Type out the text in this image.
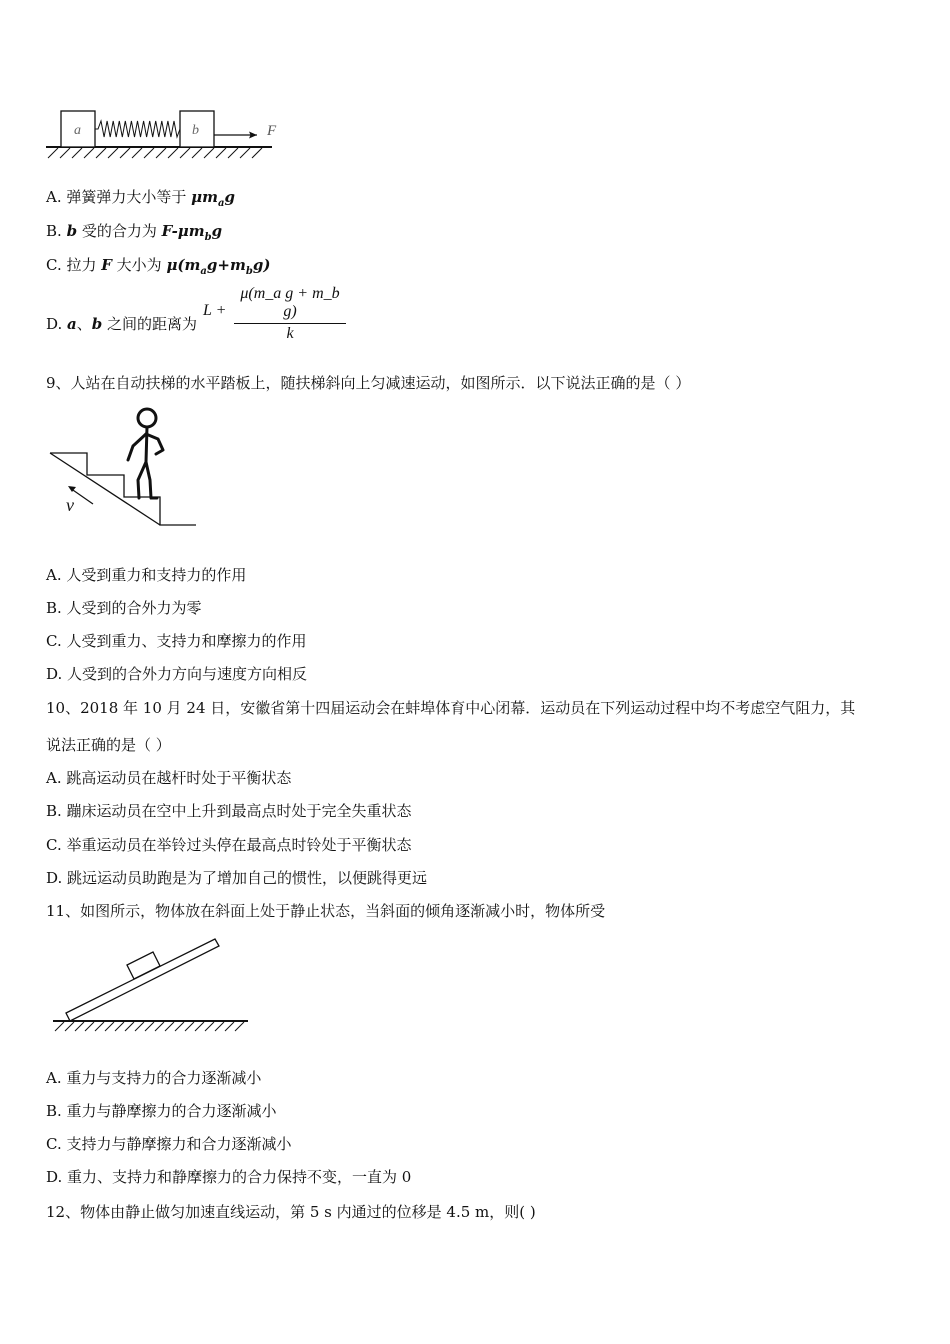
a	b	F
A. 弹簧弹力大小等于 $\mu m_ag$
B. b 受的合力为 $F-\mu m_bg$
C. 拉力 F 大小为 $\mu(m_ag+m_bg)$
D. a、b 之间的距离为
L +
μ(m_a g + m_b g)
k
9、人站在自动扶梯的水平踏板上，随扶梯斜向上匀减速运动，如图所示．以下说法正确的是（ ）
v
A. 人受到重力和支持力的作用
B. 人受到的合外力为零
C. 人受到重力、支持力和摩擦力的作用
D. 人受到的合外力方向与速度方向相反
10、2018 年 10 月 24 日，安徽省第十四届运动会在蚌埠体育中心闭幕．运动员在下列运动过程中均不考虑空气阻力，其
说法正确的是（ ）
A. 跳高运动员在越杆时处于平衡状态
B. 蹦床运动员在空中上升到最高点时处于完全失重状态
C. 举重运动员在举铃过头停在最高点时铃处于平衡状态
D. 跳远运动员助跑是为了增加自己的惯性，以便跳得更远
11、如图所示，物体放在斜面上处于静止状态，当斜面的倾角逐渐减小时，物体所受
A. 重力与支持力的合力逐渐减小
B. 重力与静摩擦力的合力逐渐减小
C. 支持力与静摩擦力和合力逐渐减小
D. 重力、支持力和静摩擦力的合力保持不变，一直为 0
12、物体由静止做匀加速直线运动，第 5 s 内通过的位移是 4.5 m，则( )
